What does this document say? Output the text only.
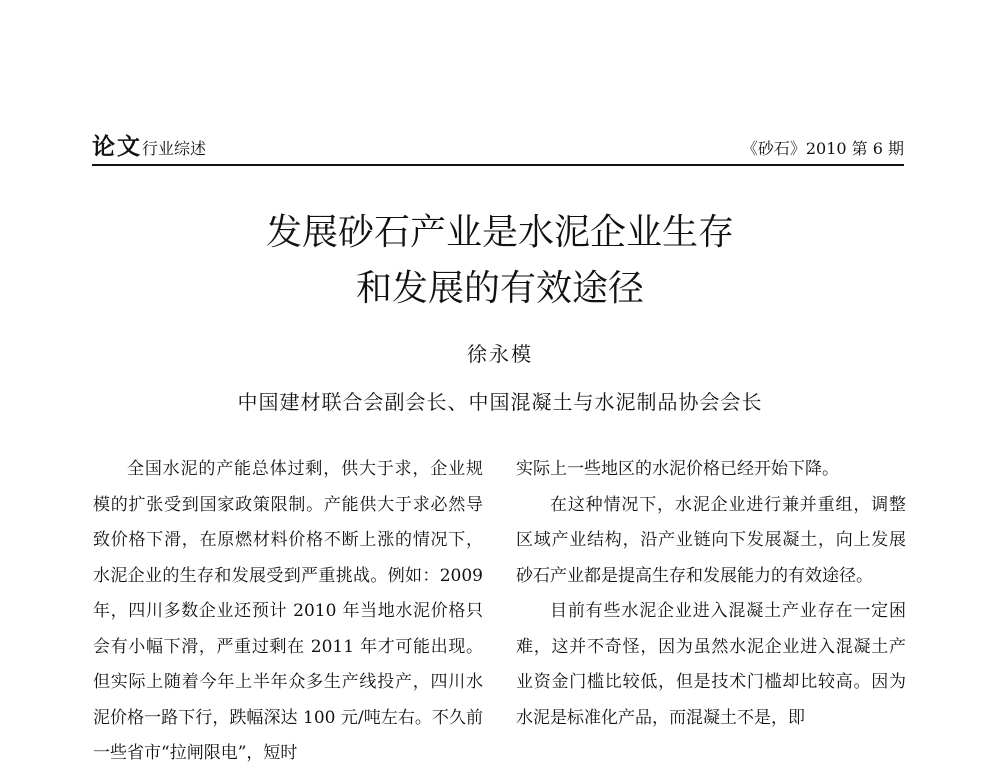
论文 行业综述	《砂石》2010 第 6 期
发展砂石产业是水泥企业生存
和发展的有效途径
徐永模
中国建材联合会副会长、中国混凝土与水泥制品协会会长

全国水泥的产能总体过剩，供大于求，企业规模的扩张受到国家政策限制。产能供大于求必然导致价格下滑，在原燃材料价格不断上涨的情况下，水泥企业的生存和发展受到严重挑战。例如：2009 年，四川多数企业还预计 2010 年当地水泥价格只会有小幅下滑，严重过剩在 2011 年才可能出现。但实际上随着今年上半年众多生产线投产，四川水泥价格一路下行，跌幅深达 100 元/吨左右。不久前一些省市“拉闸限电”，短时

实际上一些地区的水泥价格已经开始下降。

在这种情况下，水泥企业进行兼并重组，调整区域产业结构，沿产业链向下发展凝土，向上发展砂石产业都是提高生存和发展能力的有效途径。

目前有些水泥企业进入混凝土产业存在一定困难，这并不奇怪，因为虽然水泥企业进入混凝土产业资金门槛比较低，但是技术门槛却比较高。因为水泥是标准化产品，而混凝土不是，即
